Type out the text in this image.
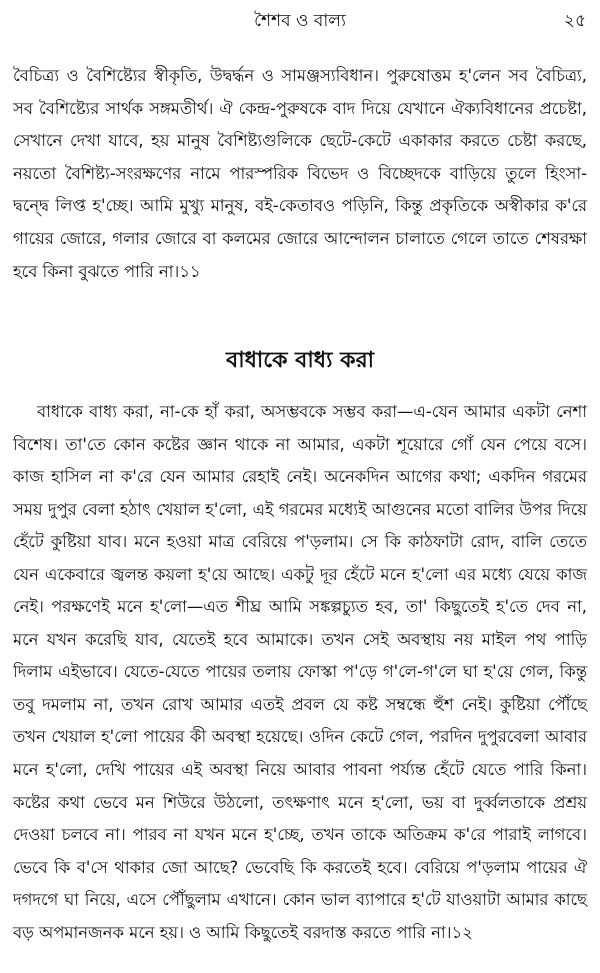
শৈশব ও বাল্য	২৫

বৈচিত্র্য ও বৈশিষ্ট্যের স্বীকৃতি, উদ্বর্দ্ধন ও সামঞ্জস্যবিধান। পুরুষোত্তম হ'লেন সব বৈচিত্র্য, সব বৈশিষ্ট্যের সার্থক সঙ্গমতীর্থ। ঐ কেন্দ্র-পুরুষকে বাদ দিয়ে যেখানে ঐক্যবিধানের প্রচেষ্টা, সেখানে দেখা যাবে, হয় মানুষ বৈশিষ্ট্যগুলিকে ছেটে-কেটে একাকার করতে চেষ্টা করছে, নয়তো বৈশিষ্ট্য-সংরক্ষণের নামে পারস্পরিক বিভেদ ও বিচ্ছেদকে বাড়িয়ে তুলে হিংসা-দ্বন্দ্বে লিপ্ত হ'চ্ছে। আমি মুখ্যু মানুষ, বই-কেতাবও পড়িনি, কিন্তু প্রকৃতিকে অস্বীকার ক'রে গায়ের জোরে, গলার জোরে বা কলমের জোরে আন্দোলন চালাতে গেলে তাতে শেষরক্ষা হবে কিনা বুঝতে পারি না।১১

বাধাকে বাধ্য করা

বাধাকে বাধ্য করা, না-কে হাঁ করা, অসম্ভবকে সম্ভব করা—এ-যেন আমার একটা নেশা বিশেষ। তা'তে কোন কষ্টের জ্ঞান থাকে না আমার, একটা শূয়োরে গোঁ যেন পেয়ে বসে। কাজ হাসিল না ক'রে যেন আমার রেহাই নেই। অনেকদিন আগের কথা; একদিন গরমের সময় দুপুর বেলা হঠাৎ খেয়াল হ'লো, এই গরমের মধ্যেই আগুনের মতো বালির উপর দিয়ে হেঁটে কুষ্টিয়া যাব। মনে হওয়া মাত্র বেরিয়ে প'ড়লাম। সে কি কাঠফাটা রোদ, বালি তেতে যেন একেবারে জ্বলন্ত কয়লা হ'য়ে আছে। একটু দূর হেঁটে মনে হ'লো এর মধ্যে যেয়ে কাজ নেই। পরক্ষণেই মনে হ'লো—এত শীঘ্র আমি সঙ্কল্পচ্যুত হব, তা' কিছুতেই হ'তে দেব না, মনে যখন করেছি যাব, যেতেই হবে আমাকে। তখন সেই অবস্থায় নয় মাইল পথ পাড়ি দিলাম এইভাবে। যেতে-যেতে পায়ের তলায় ফোস্কা প'ড়ে গ'লে-গ'লে ঘা হ'য়ে গেল, কিন্তু তবু দমলাম না, তখন রোখ আমার এতই প্রবল যে কষ্ট সম্বন্ধে হুঁশ নেই। কুষ্টিয়া পৌঁছে তখন খেয়াল হ'লো পায়ের কী অবস্থা হয়েছে। ওদিন কেটে গেল, পরদিন দুপুরবেলা আবার মনে হ'লো, দেখি পায়ের এই অবস্থা নিয়ে আবার পাবনা পর্য্যন্ত হেঁটে যেতে পারি কিনা। কষ্টের কথা ভেবে মন শিউরে উঠলো, তৎক্ষণাৎ মনে হ'লো, ভয় বা দুর্ব্বলতাকে প্রশ্রয় দেওয়া চলবে না। পারব না যখন মনে হ'চ্ছে, তখন তাকে অতিক্রম ক'রে পারাই লাগবে। ভেবে কি ব'সে থাকার জো আছে? ভেবেছি কি করতেই হবে। বেরিয়ে প'ড়লাম পায়ের ঐ দগদগে ঘা নিয়ে, এসে পৌঁছুলাম এখানে। কোন ভাল ব্যাপারে হ'টে যাওয়াটা আমার কাছে বড় অপমানজনক মনে হয়। ও আমি কিছুতেই বরদাস্ত করতে পারি না।১২
